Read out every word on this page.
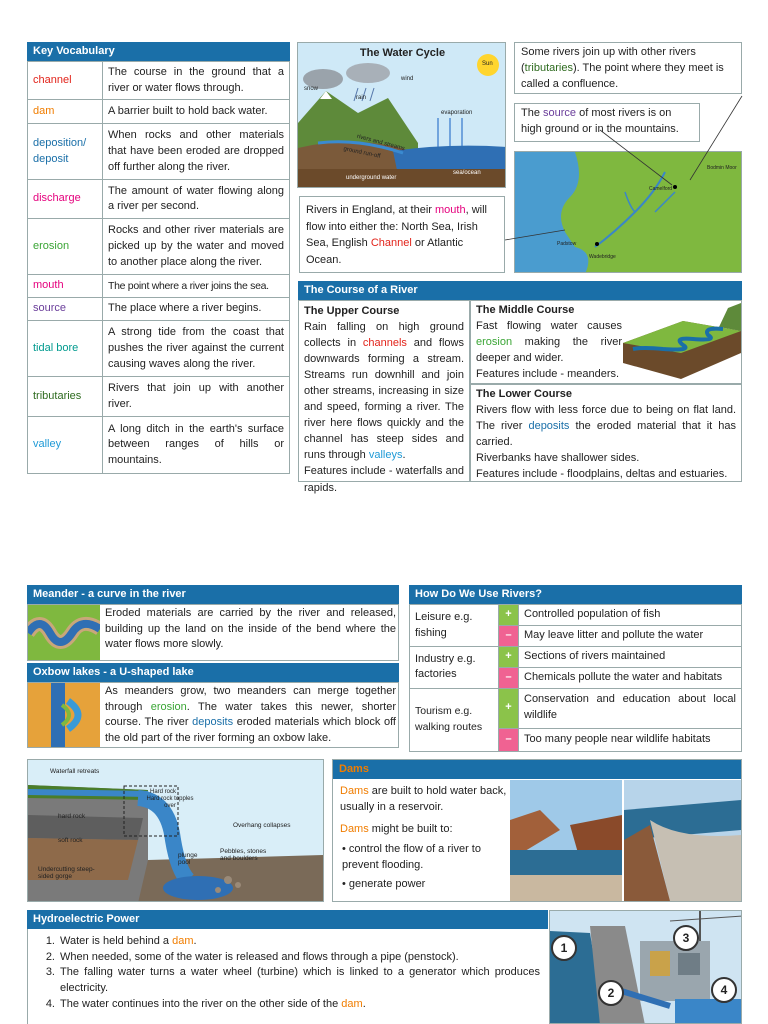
Key Vocabulary
channel	The course in the ground that a river or water flows through.
dam	A barrier built to hold back water.
deposition/ deposit	When rocks and other materials that have been eroded are dropped off further along the river.
discharge	The amount of water flowing along a river per second.
erosion	Rocks and other river materials are picked up by the water and moved to another place along the river.
mouth	The point where a river joins the sea.
source	The place where a river begins.
tidal bore	A strong tide from the coast that pushes the river against the current causing waves along the river.
tributaries	Rivers that join up with another river.
valley	A long ditch in the earth's surface between ranges of hills or mountains.
The Water Cycle
Sun
wind
snow
rain
evaporation
rivers and streams
ground run-off
underground water
sea/ocean
Rivers in England, at their mouth, will flow into either the: North Sea, Irish Sea, English Channel or Atlantic Ocean.
Some rivers join up with other rivers (tributaries). The point where they meet is called a confluence.
The source of most rivers is on high ground or in the mountains.
Bodmin Moor
Camelford
Padstow
Wadebridge
The Course of a River
The Upper Course
Rain falling on high ground collects in channels and flows downwards forming a stream. Streams run downhill and join other streams, increasing in size and speed, forming a river. The river here flows quickly and the channel has steep sides and runs through valleys.
Features include - waterfalls and rapids.
The Middle Course
Fast flowing water causes erosion making the river deeper and wider.
Features include - meanders.
The Lower Course
Rivers flow with less force due to being on flat land. The river deposits the eroded material that it has carried.
Riverbanks have shallower sides.
Features include - floodplains, deltas and estuaries.
Meander - a curve in the river
Eroded materials are carried by the river and released, building up the land on the inside of the bend where the water flows more slowly.
Oxbow lakes - a U-shaped lake
As meanders grow, two meanders can merge together through erosion. The water takes this newer, shorter course. The river deposits eroded materials which block off the old part of the river forming an oxbow lake.
How Do We Use Rivers?
Leisure e.g. fishing	+	Controlled population of fish
	–	May leave litter and pollute the water
Industry e.g. factories	+	Sections of rivers maintained
	–	Chemicals pollute the water and habitats
Tourism e.g. walking routes	+	Conservation and education about local wildlife
	–	Too many people near wildlife habitats
Waterfall retreats
Hard rock
Hard rock topples over
hard rock
soft rock
Overhang collapses
plunge pool
Pebbles, stones and boulders
Undercutting steep-sided gorge
Dams
Dams are built to hold water back, usually in a reservoir.
Dams might be built to:
• control the flow of a river to prevent flooding.
• generate power
Hydroelectric Power
1. Water is held behind a dam.
2. When needed, some of the water is released and flows through a pipe (penstock).
3. The falling water turns a water wheel (turbine) which is linked to a generator which produces electricity.
4. The water continues into the river on the other side of the dam.
1
2
3
4
